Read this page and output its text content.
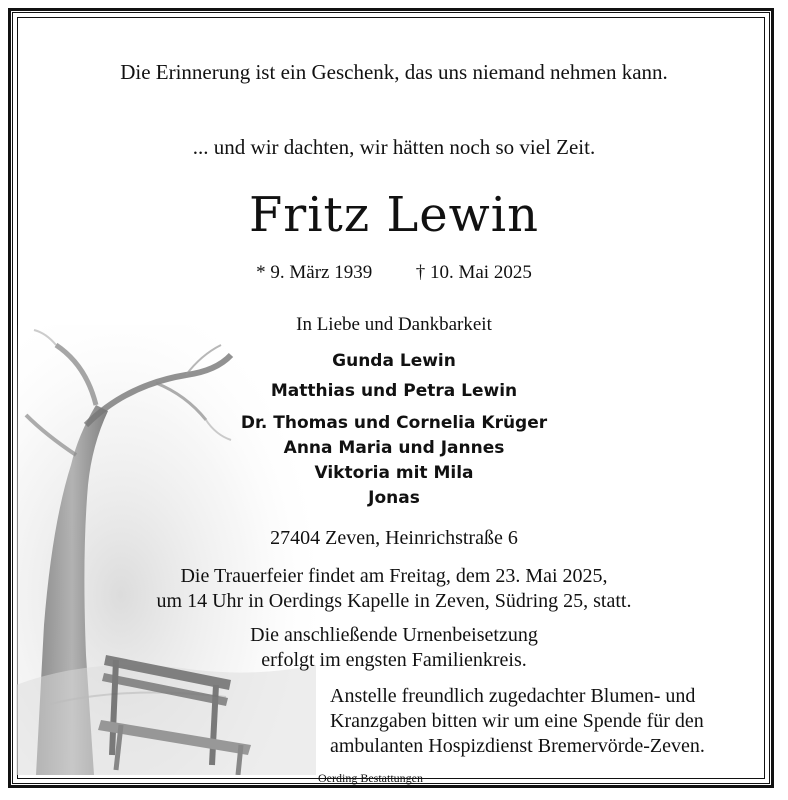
Die Erinnerung ist ein Geschenk, das uns niemand nehmen kann.
... und wir dachten, wir hätten noch so viel Zeit.
Fritz Lewin
* 9. März 1939 † 10. Mai 2025
In Liebe und Dankbarkeit
Gunda Lewin
Matthias und Petra Lewin
Dr. Thomas und Cornelia Krüger
Anna Maria und Jannes
Viktoria mit Mila
Jonas
27404 Zeven, Heinrichstraße 6
Die Trauerfeier findet am Freitag, dem 23. Mai 2025,
um 14 Uhr in Oerdings Kapelle in Zeven, Südring 25, statt.
Die anschließende Urnenbeisetzung
erfolgt im engsten Familienkreis.
Anstelle freundlich zugedachter Blumen- und
Kranzgaben bitten wir um eine Spende für den
ambulanten Hospizdienst Bremervörde-Zeven.
Oerding Bestattungen
